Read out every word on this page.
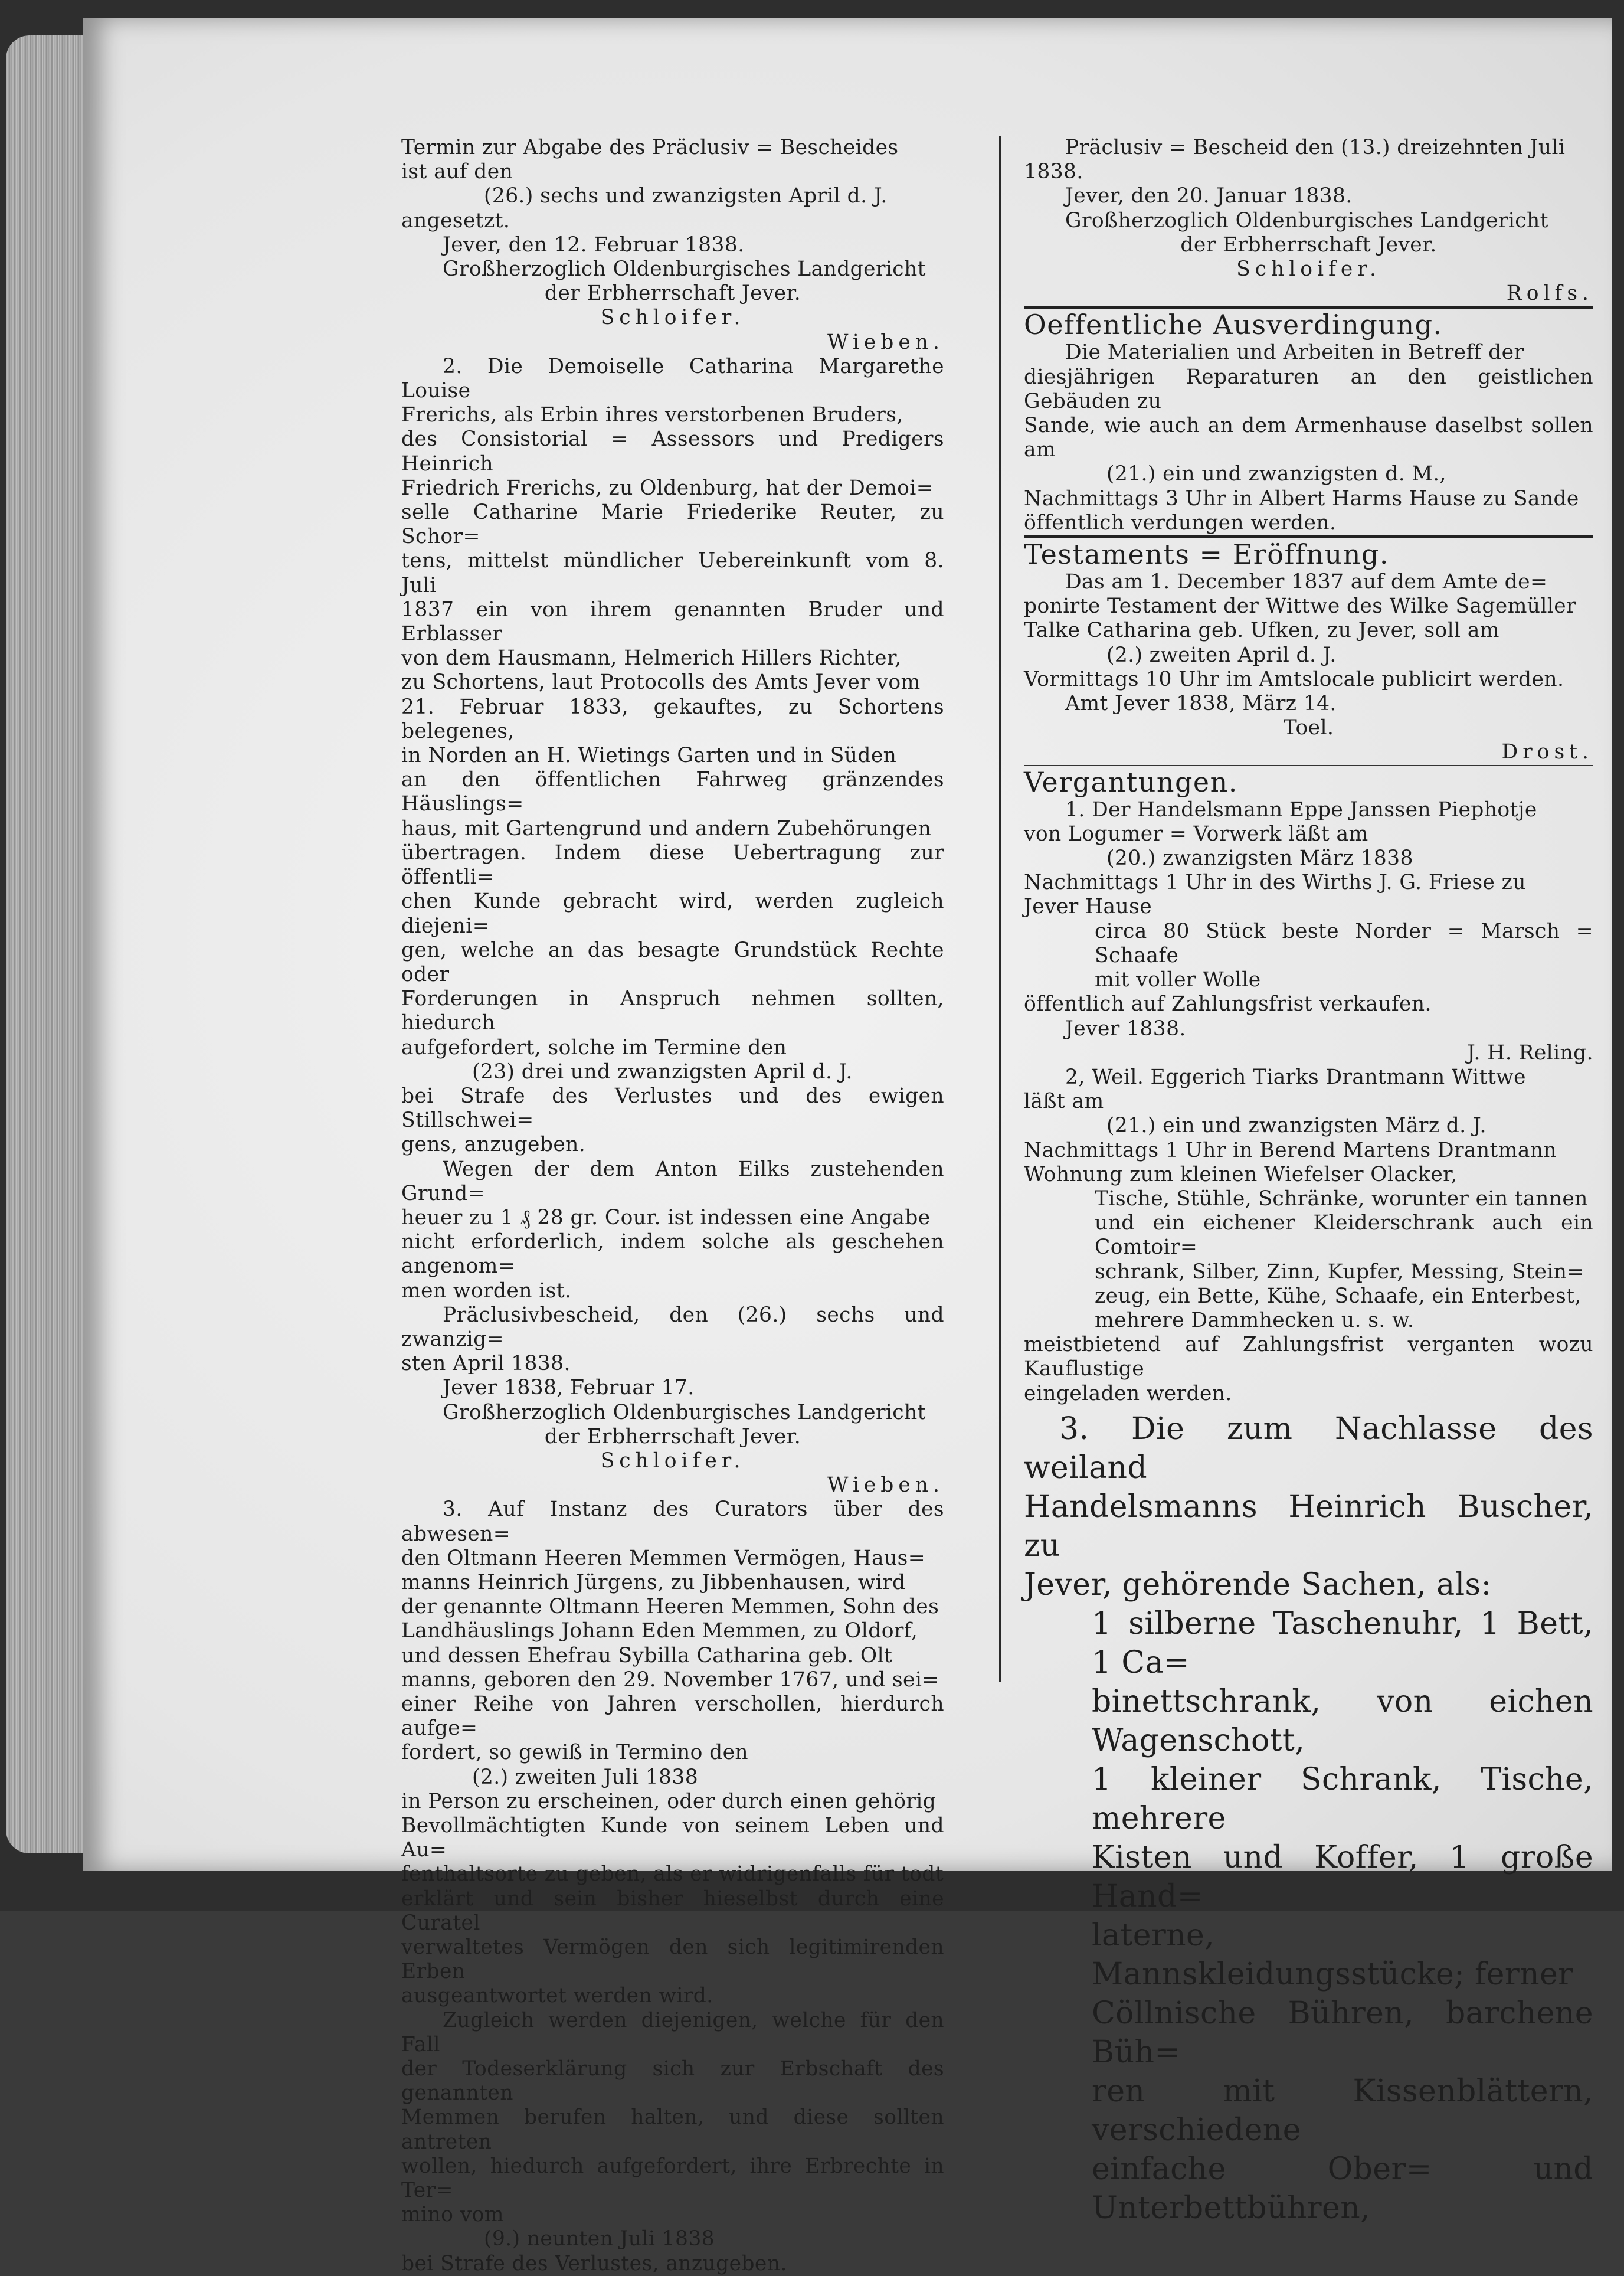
Termin zur Abgabe des Präclusiv = Bescheides

ist auf den

(26.) sechs und zwanzigsten April d. J.

angesetzt.

Jever, den 12. Februar 1838.

Großherzoglich Oldenburgisches Landgericht

der Erbherrschaft Jever.

Schloifer.

Wieben.

2. Die Demoiselle Catharina Margarethe Louise

Frerichs, als Erbin ihres verstorbenen Bruders,

des Consistorial = Assessors und Predigers Heinrich

Friedrich Frerichs, zu Oldenburg, hat der Demoi=

selle Catharine Marie Friederike Reuter, zu Schor=

tens, mittelst mündlicher Uebereinkunft vom 8. Juli

1837 ein von ihrem genannten Bruder und Erblasser

von dem Hausmann, Helmerich Hillers Richter,

zu Schortens, laut Protocolls des Amts Jever vom

21. Februar 1833, gekauftes, zu Schortens belegenes,

in Norden an H. Wietings Garten und in Süden

an den öffentlichen Fahrweg gränzendes Häuslings=

haus, mit Gartengrund und andern Zubehörungen

übertragen. Indem diese Uebertragung zur öffentli=

chen Kunde gebracht wird, werden zugleich diejeni=

gen, welche an das besagte Grundstück Rechte oder

Forderungen in Anspruch nehmen sollten, hiedurch

aufgefordert, solche im Termine den

(23) drei und zwanzigsten April d. J.

bei Strafe des Verlustes und des ewigen Stillschwei=

gens, anzugeben.

Wegen der dem Anton Eilks zustehenden Grund=

heuer zu 1 ₰ 28 gr. Cour. ist indessen eine Angabe

nicht erforderlich, indem solche als geschehen angenom=

men worden ist.

Präclusivbescheid, den (26.) sechs und zwanzig=

sten April 1838.

Jever 1838, Februar 17.

Großherzoglich Oldenburgisches Landgericht

der Erbherrschaft Jever.

Schloifer.

Wieben.

3. Auf Instanz des Curators über des abwesen=

den Oltmann Heeren Memmen Vermögen, Haus=

manns Heinrich Jürgens, zu Jibbenhausen, wird

der genannte Oltmann Heeren Memmen, Sohn des

Landhäuslings Johann Eden Memmen, zu Oldorf,

und dessen Ehefrau Sybilla Catharina geb. Olt

manns, geboren den 29. November 1767, und sei=

einer Reihe von Jahren verschollen, hierdurch aufge=

fordert, so gewiß in Termino den

(2.) zweiten Juli 1838

in Person zu erscheinen, oder durch einen gehörig

Bevollmächtigten Kunde von seinem Leben und Au=

fenthaltsorte zu geben, als er widrigenfalls für todt

erklärt und sein bisher hieselbst durch eine Curatel

verwaltetes Vermögen den sich legitimirenden Erben

ausgeantwortet werden wird.

Zugleich werden diejenigen, welche für den Fall

der Todeserklärung sich zur Erbschaft des genannten

Memmen berufen halten, und diese sollten antreten

wollen, hiedurch aufgefordert, ihre Erbrechte in Ter=

mino vom

(9.) neunten Juli 1838

bei Strafe des Verlustes, anzugeben.

Präclusiv = Bescheid den (13.) dreizehnten Juli

1838.

Jever, den 20. Januar 1838.

Großherzoglich Oldenburgisches Landgericht

der Erbherrschaft Jever.

Schloifer.

Rolfs.

Oeffentliche Ausverdingung.

Die Materialien und Arbeiten in Betreff der

diesjährigen Reparaturen an den geistlichen Gebäuden zu

Sande, wie auch an dem Armenhause daselbst sollen am

(21.) ein und zwanzigsten d. M.,

Nachmittags 3 Uhr in Albert Harms Hause zu Sande

öffentlich verdungen werden.

Testaments = Eröffnung.

Das am 1. December 1837 auf dem Amte de=

ponirte Testament der Wittwe des Wilke Sagemüller

Talke Catharina geb. Ufken, zu Jever, soll am

(2.) zweiten April d. J.

Vormittags 10 Uhr im Amtslocale publicirt werden.

Amt Jever 1838, März 14.

Toel.

Drost.

Vergantungen.

1. Der Handelsmann Eppe Janssen Piephotje

von Logumer = Vorwerk läßt am

(20.) zwanzigsten März 1838

Nachmittags 1 Uhr in des Wirths J. G. Friese zu

Jever Hause

circa 80 Stück beste Norder = Marsch = Schaafe

mit voller Wolle

öffentlich auf Zahlungsfrist verkaufen.

Jever 1838.

J. H. Reling.

2, Weil. Eggerich Tiarks Drantmann Wittwe

läßt am

(21.) ein und zwanzigsten März d. J.

Nachmittags 1 Uhr in Berend Martens Drantmann

Wohnung zum kleinen Wiefelser Olacker,

Tische, Stühle, Schränke, worunter ein tannen

und ein eichener Kleiderschrank auch ein Comtoir=

schrank, Silber, Zinn, Kupfer, Messing, Stein=

zeug, ein Bette, Kühe, Schaafe, ein Enterbest,

mehrere Dammhecken u. s. w.

meistbietend auf Zahlungsfrist verganten wozu Kauflustige

eingeladen werden.

3. Die zum Nachlasse des weiland

Handelsmanns Heinrich Buscher, zu

Jever, gehörende Sachen, als:

1 silberne Taschenuhr, 1 Bett, 1 Ca=

binettschrank, von eichen Wagenschott,

1 kleiner Schrank, Tische, mehrere

Kisten und Koffer, 1 große Hand=

laterne, Mannskleidungsstücke; ferner

Cöllnische Bühren, barchene Büh=

ren mit Kissenblättern, verschiedene

einfache Ober= und Unterbettbühren,
